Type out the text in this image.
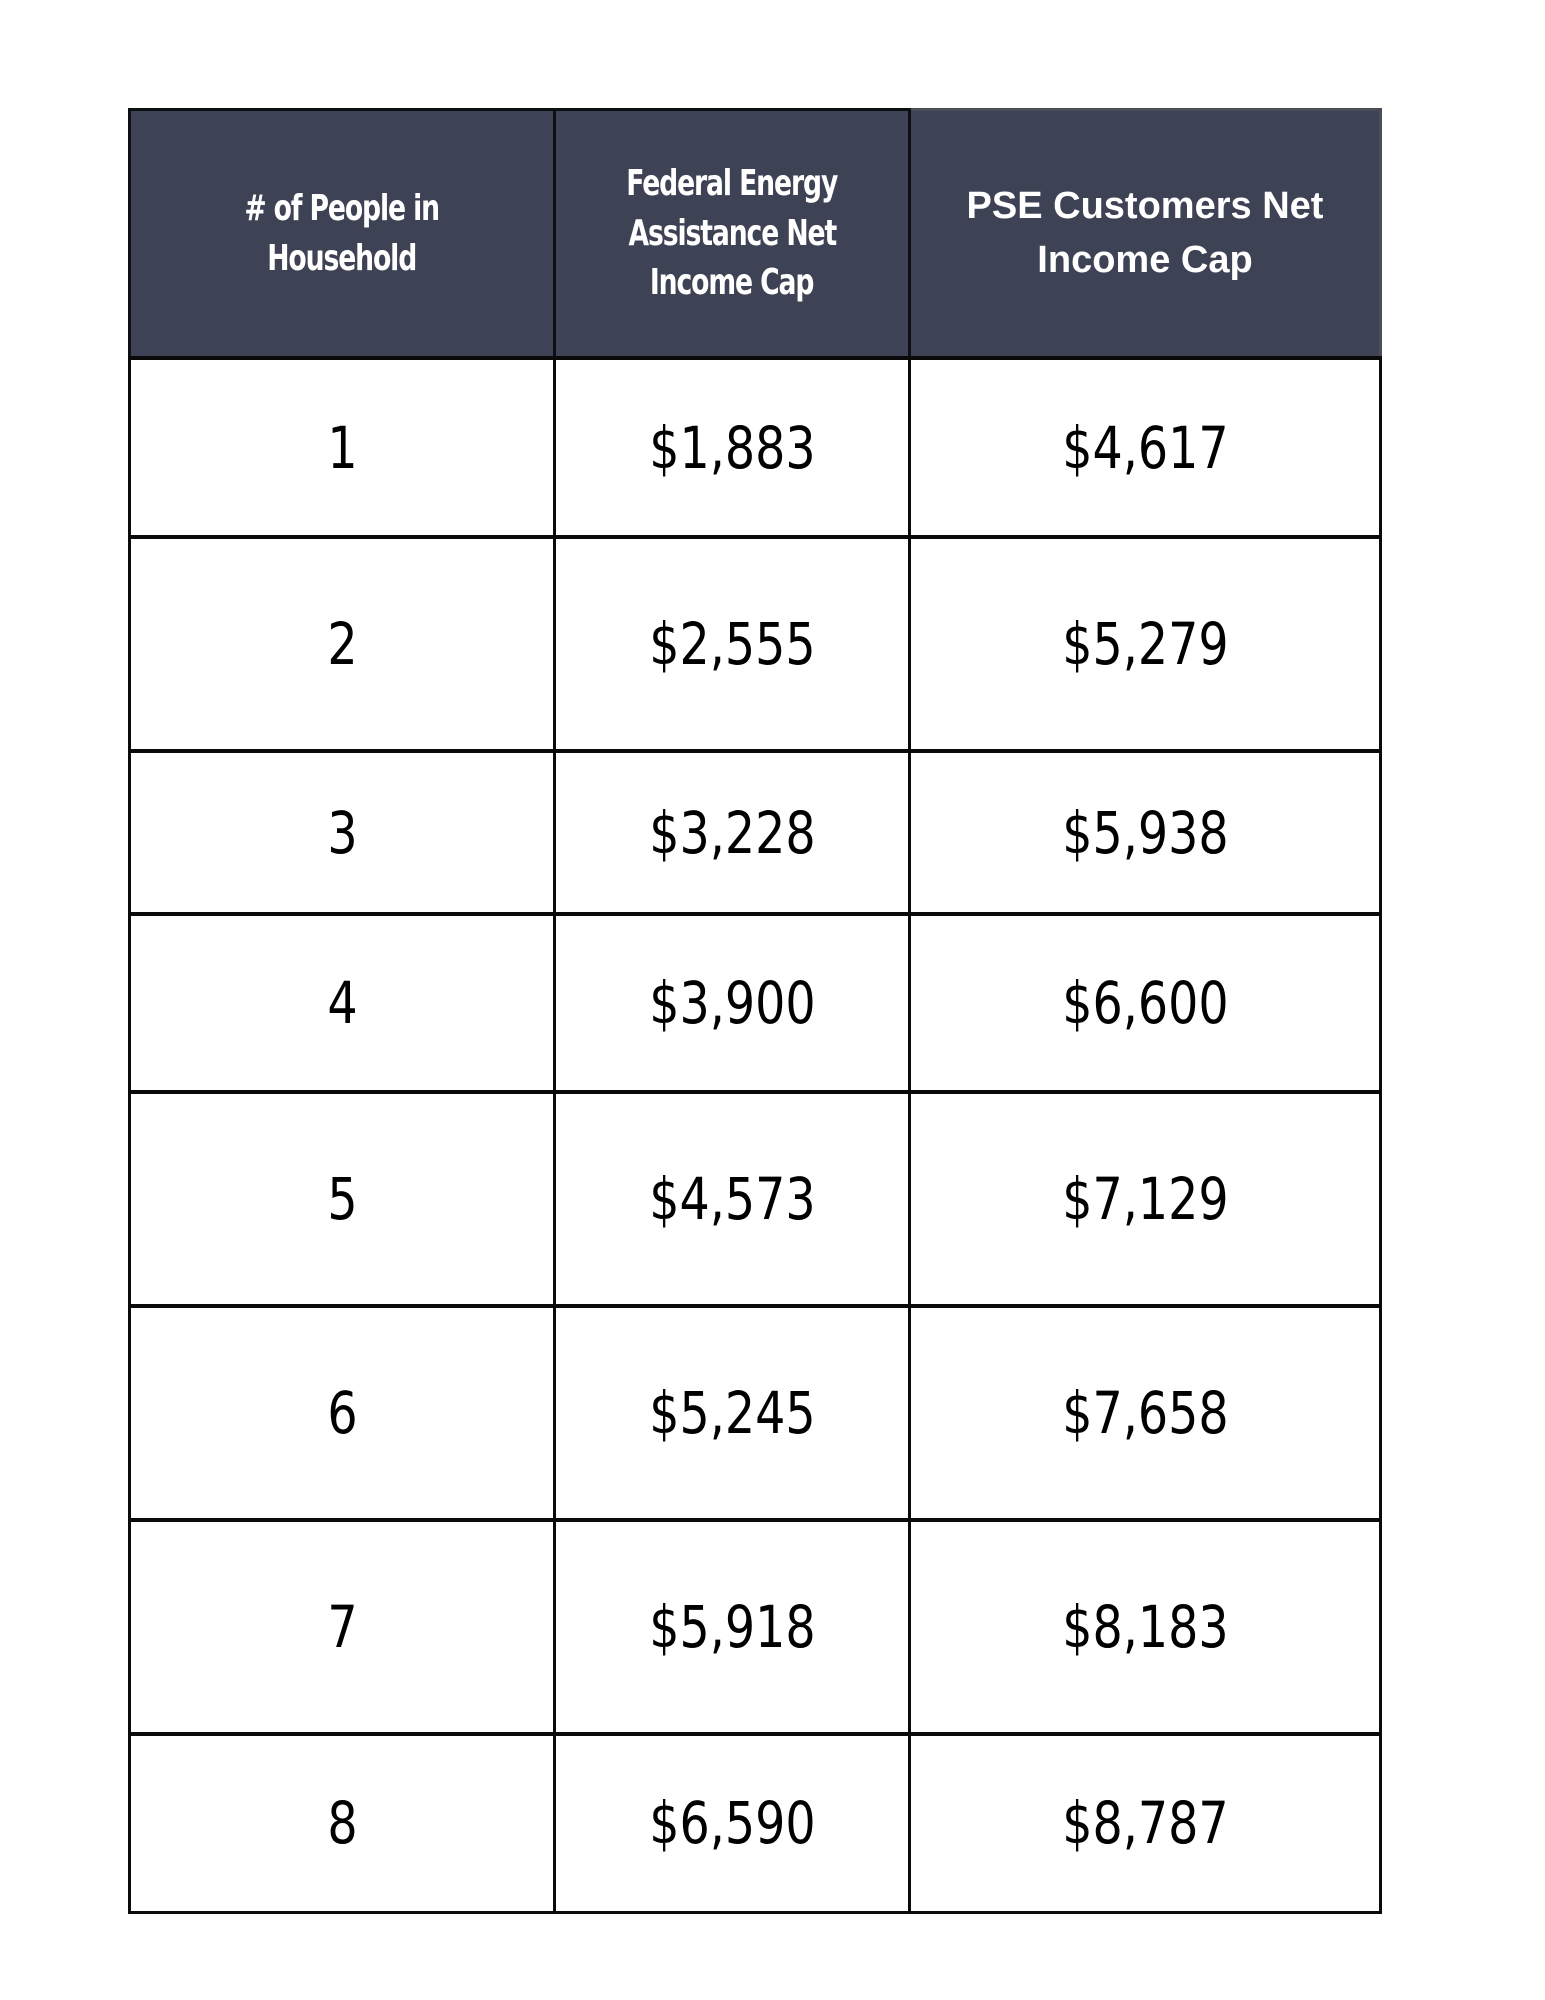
# of People in Household	Federal Energy Assistance Net Income Cap	PSE Customers Net
Income Cap

1	$1,883	$4,617
2	$2,555	$5,279
3	$3,228	$5,938
4	$3,900	$6,600
5	$4,573	$7,129
6	$5,245	$7,658
7	$5,918	$8,183
8	$6,590	$8,787
